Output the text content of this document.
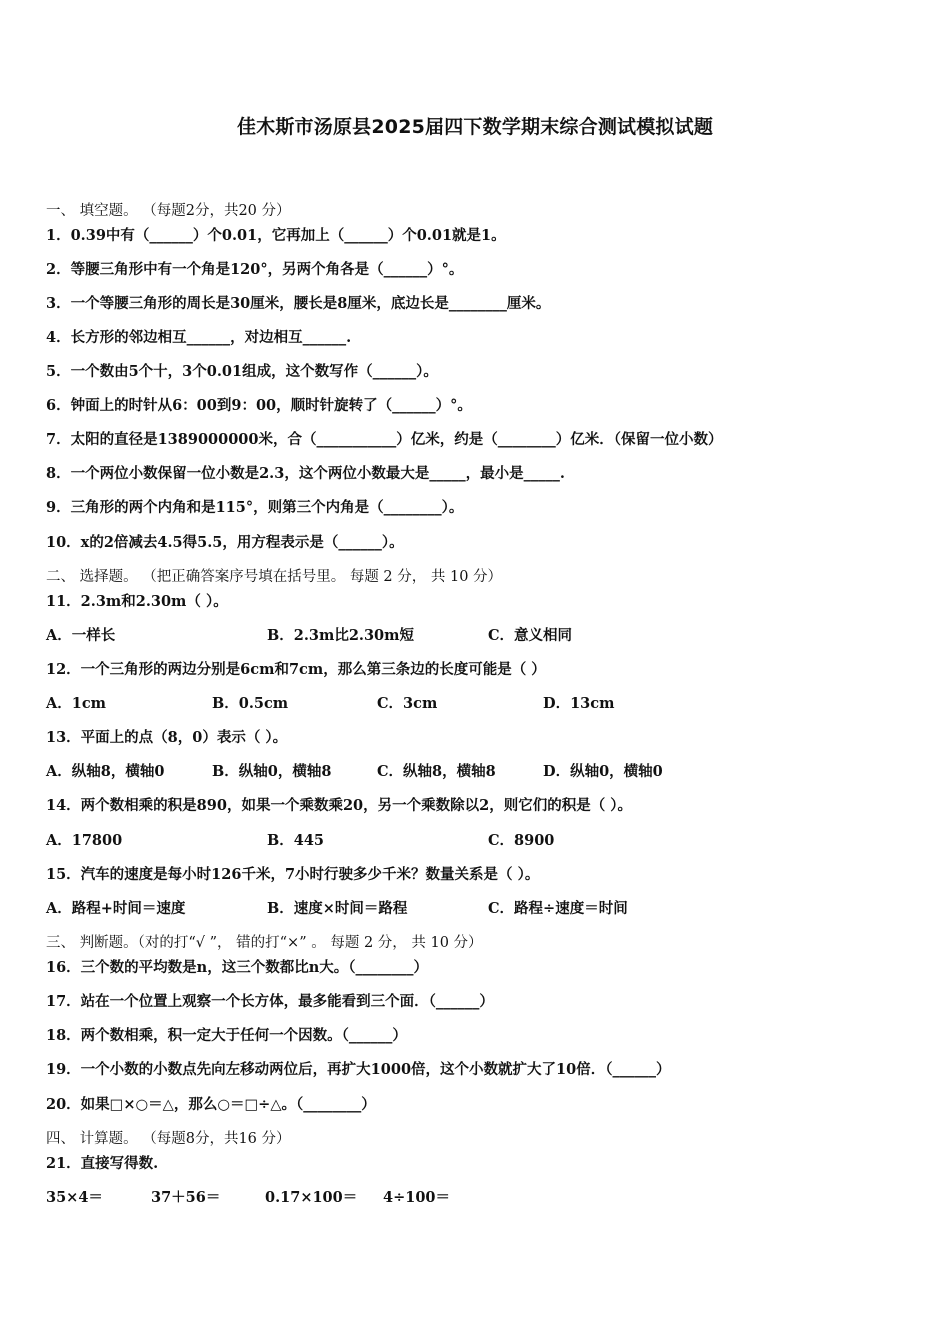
佳木斯市汤原县2025届四下数学期末综合测试模拟试题
一、 填空题。 （每题2分，共20 分）
1．0.39中有（______）个0.01，它再加上（______）个0.01就是1。
2．等腰三角形中有一个角是120°，另两个角各是（______）°。
3．一个等腰三角形的周长是30厘米，腰长是8厘米，底边长是________厘米。
4．长方形的邻边相互______，对边相互______.
5．一个数由5个十，3个0.01组成，这个数写作（______）。
6．钟面上的时针从6：00到9：00，顺时针旋转了（______）°。
7．太阳的直径是1389000000米，合（___________）亿米，约是（________）亿米．（保留一位小数）
8．一个两位小数保留一位小数是2.3，这个两位小数最大是_____，最小是_____.
9．三角形的两个内角和是115°，则第三个内角是（________）。
10．x的2倍减去4.5得5.5，用方程表示是（______）。
二、 选择题。 （把正确答案序号填在括号里。 每题 2 分， 共 10 分）
11．2.3m和2.30m（ ）。
A．一样长	B．2.3m比2.30m短	C．意义相同
12．一个三角形的两边分别是6cm和7cm，那么第三条边的长度可能是（ ）
A．1cm	B．0.5cm	C．3cm	D．13cm
13．平面上的点（8，0）表示（ ）。
A．纵轴8，横轴0	B．纵轴0，横轴8	C．纵轴8，横轴8	D．纵轴0，横轴0
14．两个数相乘的积是890，如果一个乘数乘20，另一个乘数除以2，则它们的积是（ ）。
A．17800	B．445	C．8900
15．汽车的速度是每小时126千米，7小时行驶多少千米？数量关系是（ ）。
A．路程+时间＝速度	B．速度×时间＝路程	C．路程÷速度＝时间
三、 判断题。（对的打“√ ”， 错的打“×” 。 每题 2 分， 共 10 分）
16．三个数的平均数是n，这三个数都比n大。（________）
17．站在一个位置上观察一个长方体，最多能看到三个面．（______）
18．两个数相乘，积一定大于任何一个因数。（______）
19．一个小数的小数点先向左移动两位后，再扩大1000倍，这个小数就扩大了10倍．（______）
20．如果□×○＝△，那么○＝□÷△。（________）
四、 计算题。 （每题8分，共16 分）
21．直接写得数.
35×4＝	37＋56＝	0.17×100＝ 4÷100＝
